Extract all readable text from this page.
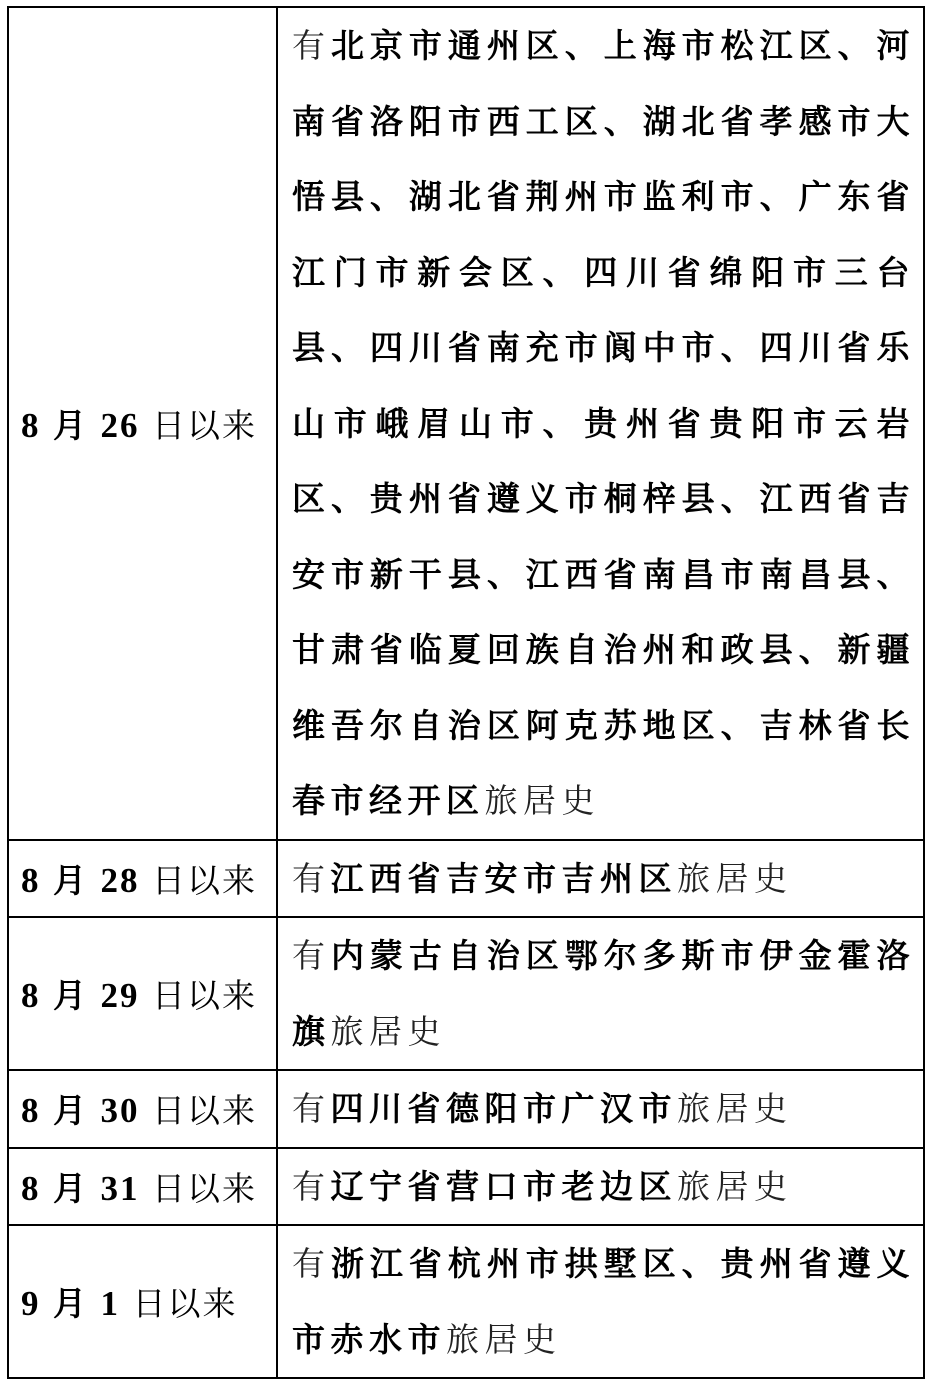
8 月 26 日以来	有北京市通州区、上海市松江区、河南省洛阳市西工区、湖北省孝感市大悟县、湖北省荆州市监利市、广东省江门市新会区、四川省绵阳市三台县、四川省南充市阆中市、四川省乐山市峨眉山市、贵州省贵阳市云岩区、贵州省遵义市桐梓县、江西省吉安市新干县、江西省南昌市南昌县、甘肃省临夏回族自治州和政县、新疆维吾尔自治区阿克苏地区、吉林省长春市经开区旅居史
8 月 28 日以来	有江西省吉安市吉州区旅居史
8 月 29 日以来	有内蒙古自治区鄂尔多斯市伊金霍洛旗旅居史
8 月 30 日以来	有四川省德阳市广汉市旅居史
8 月 31 日以来	有辽宁省营口市老边区旅居史
9 月 1 日以来	有浙江省杭州市拱墅区、贵州省遵义市赤水市旅居史
